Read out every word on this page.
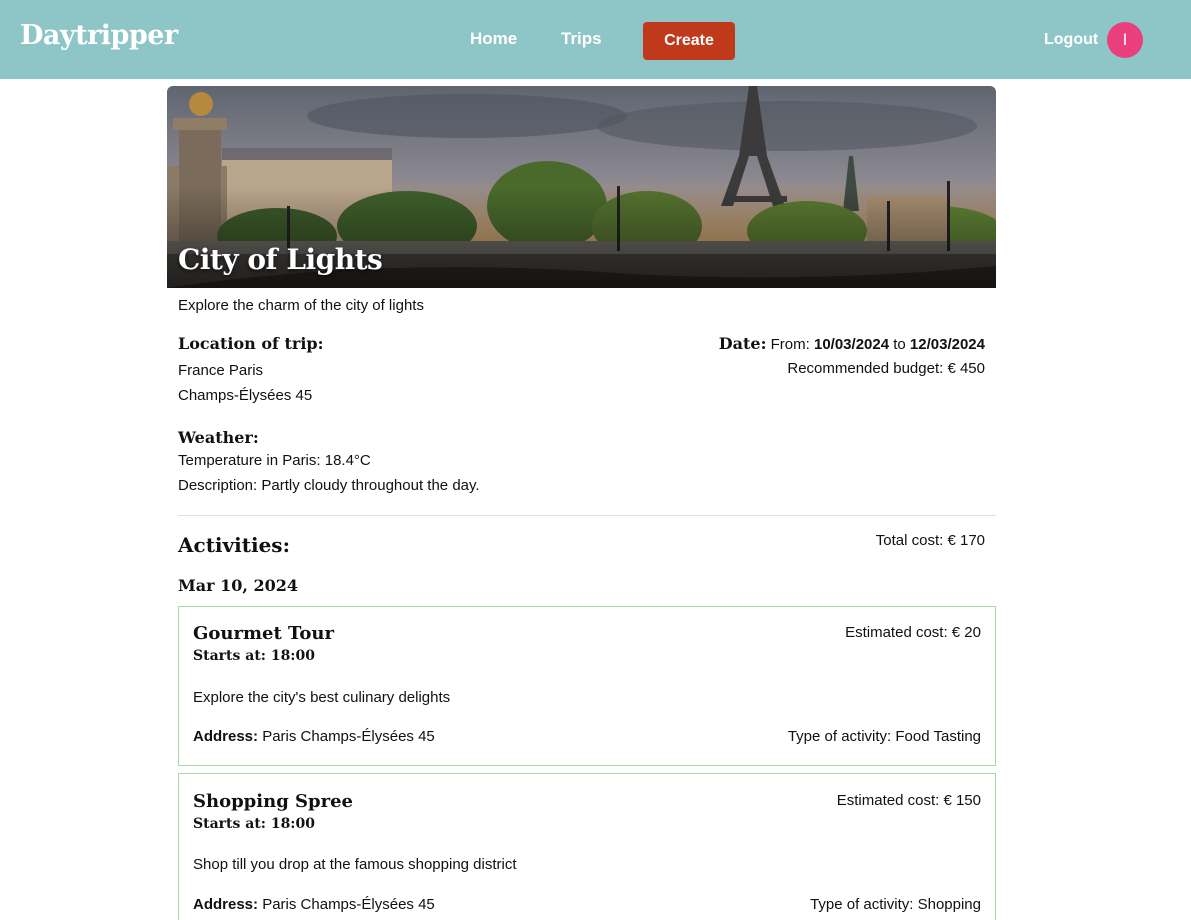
Daytripper	Home	Trips	Create	Logout	I
City of Lights
Explore the charm of the city of lights
Location of trip:
France Paris
Champs-Élysées 45
Date: From: 10/03/2024 to 12/03/2024
Recommended budget: € 450
Weather:
Temperature in Paris: 18.4°C
Description: Partly cloudy throughout the day.
Activities:	Total cost: € 170
Mar 10, 2024
Gourmet Tour
Starts at: 18:00
Estimated cost: € 20
Explore the city's best culinary delights
Address: Paris Champs-Élysées 45	Type of activity: Food Tasting
Shopping Spree
Starts at: 18:00
Estimated cost: € 150
Shop till you drop at the famous shopping district
Address: Paris Champs-Élysées 45	Type of activity: Shopping
